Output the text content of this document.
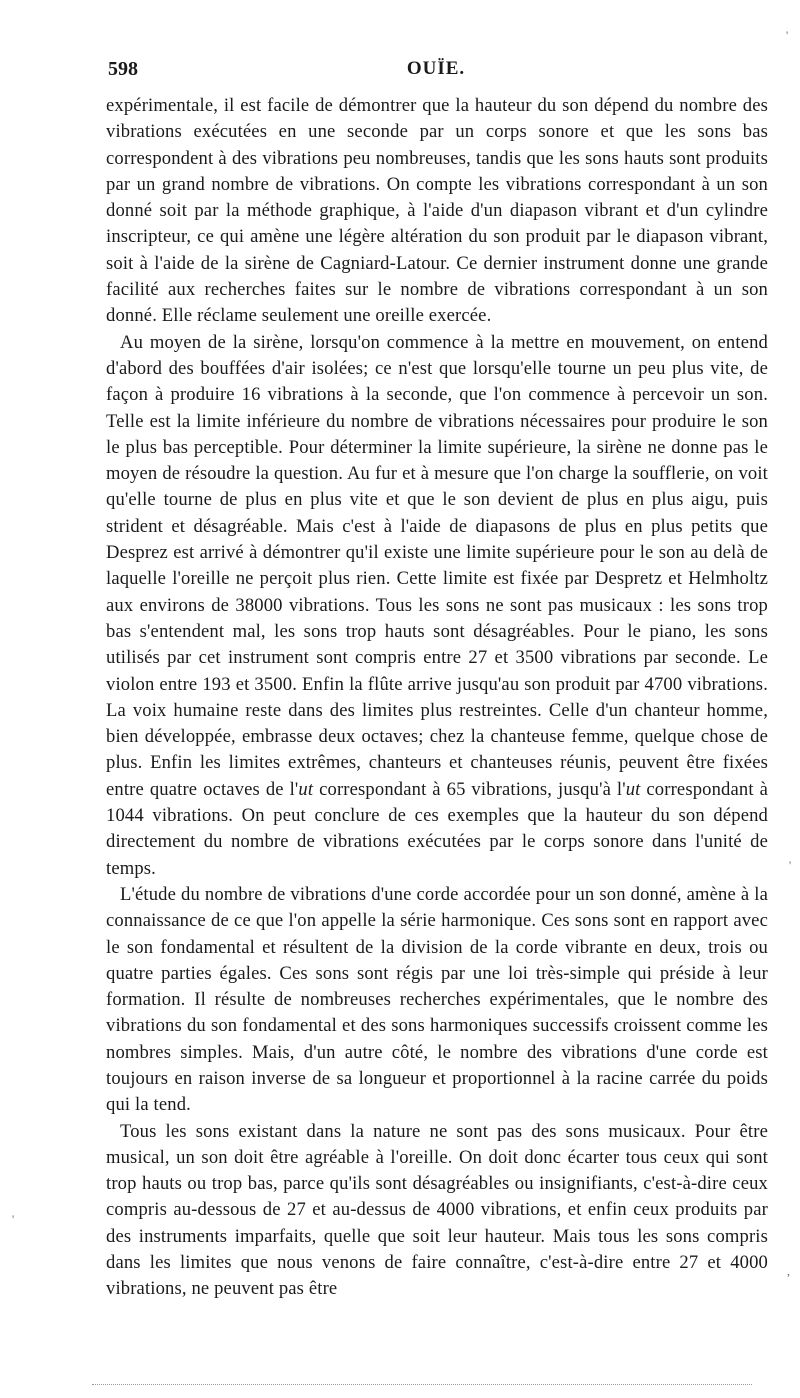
598	OUÏE.

expérimentale, il est facile de démontrer que la hauteur du son dépend du nombre des vibrations exécutées en une seconde par un corps sonore et que les sons bas correspondent à des vibrations peu nombreuses, tandis que les sons hauts sont produits par un grand nombre de vibrations. On compte les vibrations correspondant à un son donné soit par la méthode graphique, à l'aide d'un diapason vibrant et d'un cylindre inscripteur, ce qui amène une légère altération du son produit par le diapason vibrant, soit à l'aide de la sirène de Cagniard-Latour. Ce dernier instrument donne une grande facilité aux recherches faites sur le nombre de vibrations correspondant à un son donné. Elle réclame seulement une oreille exercée.

Au moyen de la sirène, lorsqu'on commence à la mettre en mouvement, on entend d'abord des bouffées d'air isolées; ce n'est que lorsqu'elle tourne un peu plus vite, de façon à produire 16 vibrations à la seconde, que l'on commence à percevoir un son. Telle est la limite inférieure du nombre de vibrations nécessaires pour produire le son le plus bas perceptible. Pour déterminer la limite supérieure, la sirène ne donne pas le moyen de résoudre la question. Au fur et à mesure que l'on charge la soufflerie, on voit qu'elle tourne de plus en plus vite et que le son devient de plus en plus aigu, puis strident et désagréable. Mais c'est à l'aide de diapasons de plus en plus petits que Desprez est arrivé à démontrer qu'il existe une limite supérieure pour le son au delà de laquelle l'oreille ne perçoit plus rien. Cette limite est fixée par Despretz et Helmholtz aux environs de 38000 vibrations. Tous les sons ne sont pas musicaux : les sons trop bas s'entendent mal, les sons trop hauts sont désagréables. Pour le piano, les sons utilisés par cet instrument sont compris entre 27 et 3500 vibrations par seconde. Le violon entre 193 et 3500. Enfin la flûte arrive jusqu'au son produit par 4700 vibrations. La voix humaine reste dans des limites plus restreintes. Celle d'un chanteur homme, bien développée, embrasse deux octaves; chez la chanteuse femme, quelque chose de plus. Enfin les limites extrêmes, chanteurs et chanteuses réunis, peuvent être fixées entre quatre octaves de l'ut correspondant à 65 vibrations, jusqu'à l'ut correspondant à 1044 vibrations. On peut conclure de ces exemples que la hauteur du son dépend directement du nombre de vibrations exécutées par le corps sonore dans l'unité de temps.

L'étude du nombre de vibrations d'une corde accordée pour un son donné, amène à la connaissance de ce que l'on appelle la série harmonique. Ces sons sont en rapport avec le son fondamental et résultent de la division de la corde vibrante en deux, trois ou quatre parties égales. Ces sons sont régis par une loi très-simple qui préside à leur formation. Il résulte de nombreuses recherches expérimentales, que le nombre des vibrations du son fondamental et des sons harmoniques successifs croissent comme les nombres simples. Mais, d'un autre côté, le nombre des vibrations d'une corde est toujours en raison inverse de sa longueur et proportionnel à la racine carrée du poids qui la tend.

Tous les sons existant dans la nature ne sont pas des sons musicaux. Pour être musical, un son doit être agréable à l'oreille. On doit donc écarter tous ceux qui sont trop hauts ou trop bas, parce qu'ils sont désagréables ou insignifiants, c'est-à-dire ceux compris au-dessous de 27 et au-dessus de 4000 vibrations, et enfin ceux produits par des instruments imparfaits, quelle que soit leur hauteur. Mais tous les sons compris dans les limites que nous venons de faire connaître, c'est-à-dire entre 27 et 4000 vibrations, ne peuvent pas être

'
'
,
'
